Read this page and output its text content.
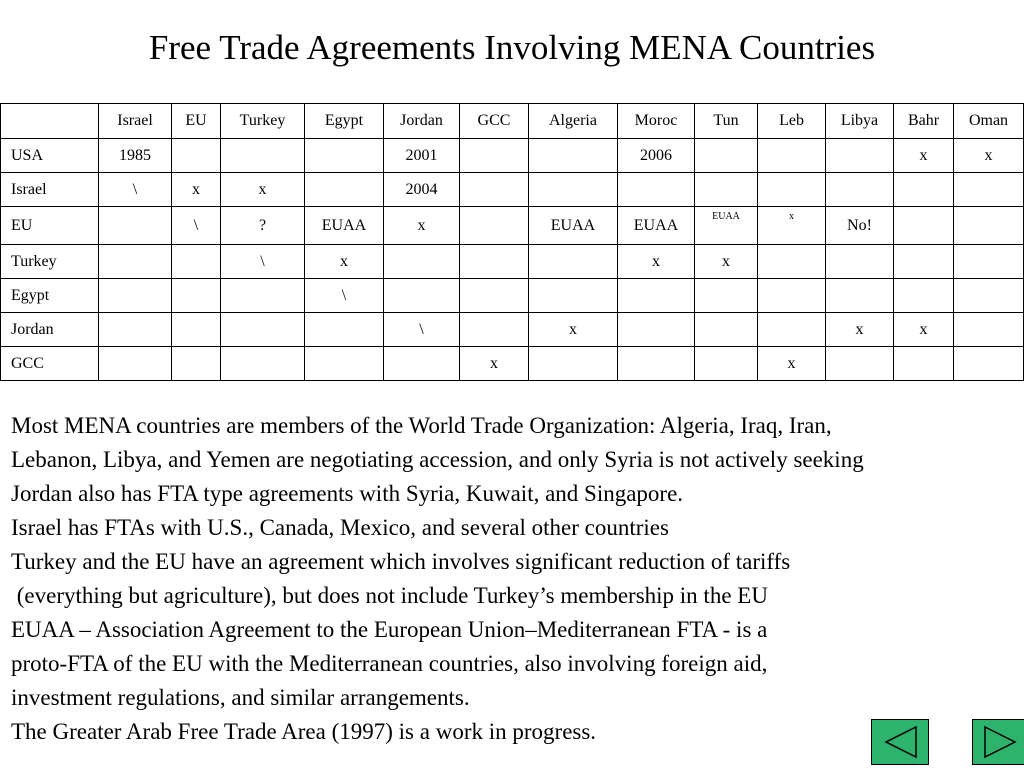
Free Trade Agreements Involving MENA Countries
	Israel	EU	Turkey	Egypt	Jordan	GCC	Algeria	Moroc	Tun	Leb	Libya	Bahr	Oman
USA	1985				2001			2006				x	x
Israel	\	x	x		2004								
EU		\	?	EUAA	x		EUAA	EUAA	EUAA	x	No!		
Turkey			\	x				x	x				
Egypt				\									
Jordan					\		x				x	x	
GCC						x				x			
Most MENA countries are members of the World Trade Organization: Algeria, Iraq, Iran,
Lebanon, Libya, and Yemen are negotiating accession, and only Syria is not actively seeking
Jordan also has FTA type agreements with Syria, Kuwait, and Singapore.
Israel has FTAs with U.S., Canada, Mexico, and several other countries
Turkey and the EU have an agreement which involves significant reduction of tariffs
(everything but agriculture), but does not include Turkey’s membership in the EU
EUAA – Association Agreement to the European Union–Mediterranean FTA - is a
proto-FTA of the EU with the Mediterranean countries, also involving foreign aid,
investment regulations, and similar arrangements.
The Greater Arab Free Trade Area (1997) is a work in progress.
